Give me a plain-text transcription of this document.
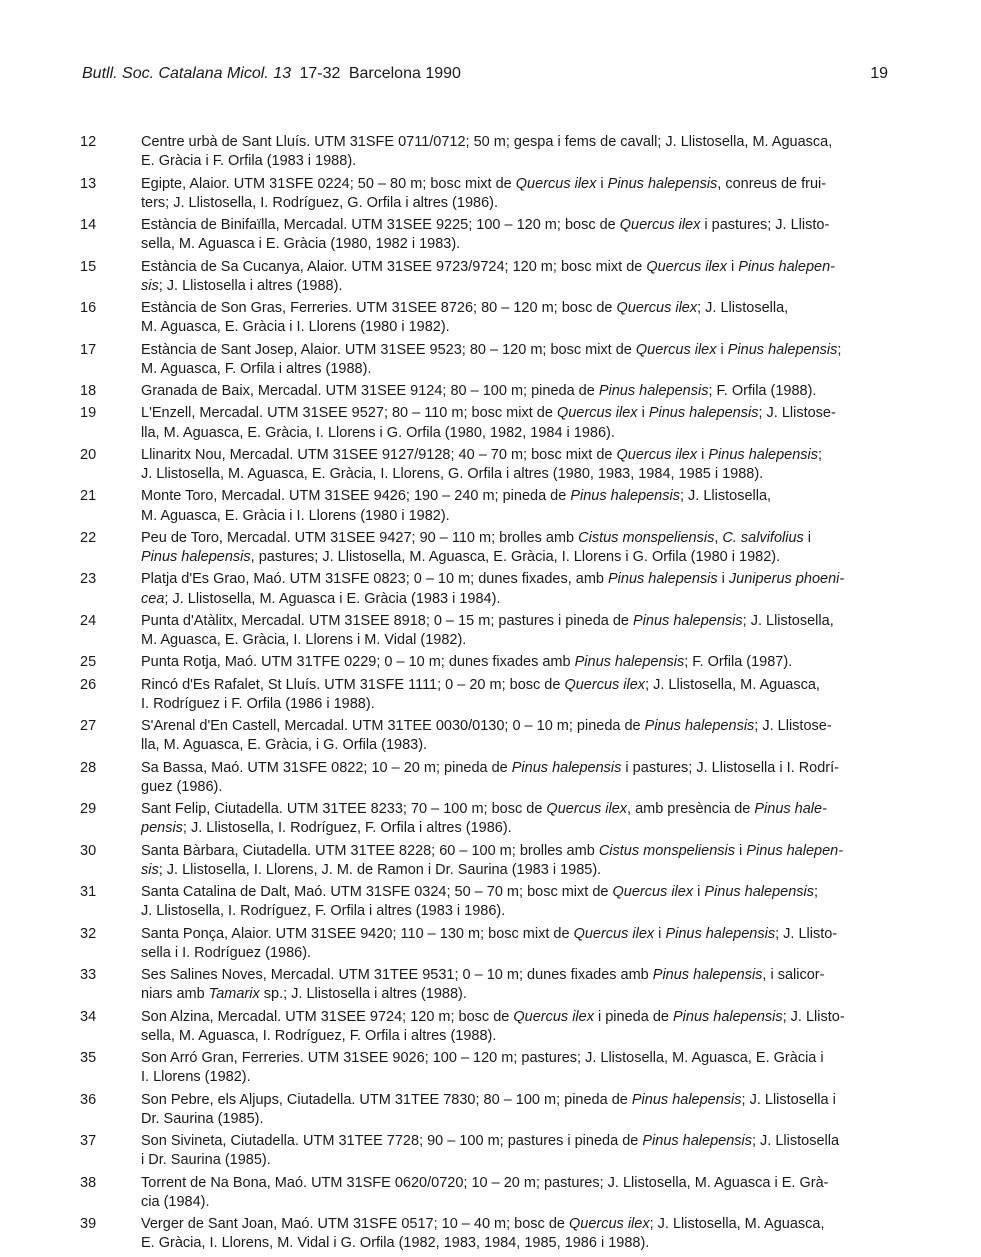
Butll. Soc. Catalana Micol. 13 17-32 Barcelona 1990	19
12	Centre urbà de Sant Lluís. UTM 31SFE 0711/0712; 50 m; gespa i fems de cavall; J. Llistosella, M. Aguasca,
E. Gràcia i F. Orfila (1983 i 1988).
13	Egipte, Alaior. UTM 31SFE 0224; 50 – 80 m; bosc mixt de Quercus ilex i Pinus halepensis, conreus de frui-
ters; J. Llistosella, I. Rodríguez, G. Orfila i altres (1986).
14	Estància de Binifaïlla, Mercadal. UTM 31SEE 9225; 100 – 120 m; bosc de Quercus ilex i pastures; J. Llisto-
sella, M. Aguasca i E. Gràcia (1980, 1982 i 1983).
15	Estància de Sa Cucanya, Alaior. UTM 31SEE 9723/9724; 120 m; bosc mixt de Quercus ilex i Pinus halepen-
sis; J. Llistosella i altres (1988).
16	Estància de Son Gras, Ferreries. UTM 31SEE 8726; 80 – 120 m; bosc de Quercus ilex; J. Llistosella,
M. Aguasca, E. Gràcia i I. Llorens (1980 i 1982).
17	Estància de Sant Josep, Alaior. UTM 31SEE 9523; 80 – 120 m; bosc mixt de Quercus ilex i Pinus halepensis;
M. Aguasca, F. Orfila i altres (1988).
18	Granada de Baix, Mercadal. UTM 31SEE 9124; 80 – 100 m; pineda de Pinus halepensis; F. Orfila (1988).
19	L'Enzell, Mercadal. UTM 31SEE 9527; 80 – 110 m; bosc mixt de Quercus ilex i Pinus halepensis; J. Llistose-
lla, M. Aguasca, E. Gràcia, I. Llorens i G. Orfila (1980, 1982, 1984 i 1986).
20	Llinaritx Nou, Mercadal. UTM 31SEE 9127/9128; 40 – 70 m; bosc mixt de Quercus ilex i Pinus halepensis;
J. Llistosella, M. Aguasca, E. Gràcia, I. Llorens, G. Orfila i altres (1980, 1983, 1984, 1985 i 1988).
21	Monte Toro, Mercadal. UTM 31SEE 9426; 190 – 240 m; pineda de Pinus halepensis; J. Llistosella,
M. Aguasca, E. Gràcia i I. Llorens (1980 i 1982).
22	Peu de Toro, Mercadal. UTM 31SEE 9427; 90 – 110 m; brolles amb Cistus monspeliensis, C. salvifolius i
Pinus halepensis, pastures; J. Llistosella, M. Aguasca, E. Gràcia, I. Llorens i G. Orfila (1980 i 1982).
23	Platja d'Es Grao, Maó. UTM 31SFE 0823; 0 – 10 m; dunes fixades, amb Pinus halepensis i Juniperus phoeni-
cea; J. Llistosella, M. Aguasca i E. Gràcia (1983 i 1984).
24	Punta d'Atàlitx, Mercadal. UTM 31SEE 8918; 0 – 15 m; pastures i pineda de Pinus halepensis; J. Llistosella,
M. Aguasca, E. Gràcia, I. Llorens i M. Vidal (1982).
25	Punta Rotja, Maó. UTM 31TFE 0229; 0 – 10 m; dunes fixades amb Pinus halepensis; F. Orfila (1987).
26	Rincó d'Es Rafalet, St Lluís. UTM 31SFE 1111; 0 – 20 m; bosc de Quercus ilex; J. Llistosella, M. Aguasca,
I. Rodríguez i F. Orfila (1986 i 1988).
27	S'Arenal d'En Castell, Mercadal. UTM 31TEE 0030/0130; 0 – 10 m; pineda de Pinus halepensis; J. Llistose-
lla, M. Aguasca, E. Gràcia, i G. Orfila (1983).
28	Sa Bassa, Maó. UTM 31SFE 0822; 10 – 20 m; pineda de Pinus halepensis i pastures; J. Llistosella i I. Rodrí-
guez (1986).
29	Sant Felip, Ciutadella. UTM 31TEE 8233; 70 – 100 m; bosc de Quercus ilex, amb presència de Pinus hale-
pensis; J. Llistosella, I. Rodríguez, F. Orfila i altres (1986).
30	Santa Bàrbara, Ciutadella. UTM 31TEE 8228; 60 – 100 m; brolles amb Cistus monspeliensis i Pinus halepen-
sis; J. Llistosella, I. Llorens, J. M. de Ramon i Dr. Saurina (1983 i 1985).
31	Santa Catalina de Dalt, Maó. UTM 31SFE 0324; 50 – 70 m; bosc mixt de Quercus ilex i Pinus halepensis;
J. Llistosella, I. Rodríguez, F. Orfila i altres (1983 i 1986).
32	Santa Ponça, Alaior. UTM 31SEE 9420; 110 – 130 m; bosc mixt de Quercus ilex i Pinus halepensis; J. Llisto-
sella i I. Rodríguez (1986).
33	Ses Salines Noves, Mercadal. UTM 31TEE 9531; 0 – 10 m; dunes fixades amb Pinus halepensis, i salicor-
niars amb Tamarix sp.; J. Llistosella i altres (1988).
34	Son Alzina, Mercadal. UTM 31SEE 9724; 120 m; bosc de Quercus ilex i pineda de Pinus halepensis; J. Llisto-
sella, M. Aguasca, I. Rodríguez, F. Orfila i altres (1988).
35	Son Arró Gran, Ferreries. UTM 31SEE 9026; 100 – 120 m; pastures; J. Llistosella, M. Aguasca, E. Gràcia i
I. Llorens (1982).
36	Son Pebre, els Aljups, Ciutadella. UTM 31TEE 7830; 80 – 100 m; pineda de Pinus halepensis; J. Llistosella i
Dr. Saurina (1985).
37	Son Sivineta, Ciutadella. UTM 31TEE 7728; 90 – 100 m; pastures i pineda de Pinus halepensis; J. Llistosella
i Dr. Saurina (1985).
38	Torrent de Na Bona, Maó. UTM 31SFE 0620/0720; 10 – 20 m; pastures; J. Llistosella, M. Aguasca i E. Grà-
cia (1984).
39	Verger de Sant Joan, Maó. UTM 31SFE 0517; 10 – 40 m; bosc de Quercus ilex; J. Llistosella, M. Aguasca,
E. Gràcia, I. Llorens, M. Vidal i G. Orfila (1982, 1983, 1984, 1985, 1986 i 1988).
